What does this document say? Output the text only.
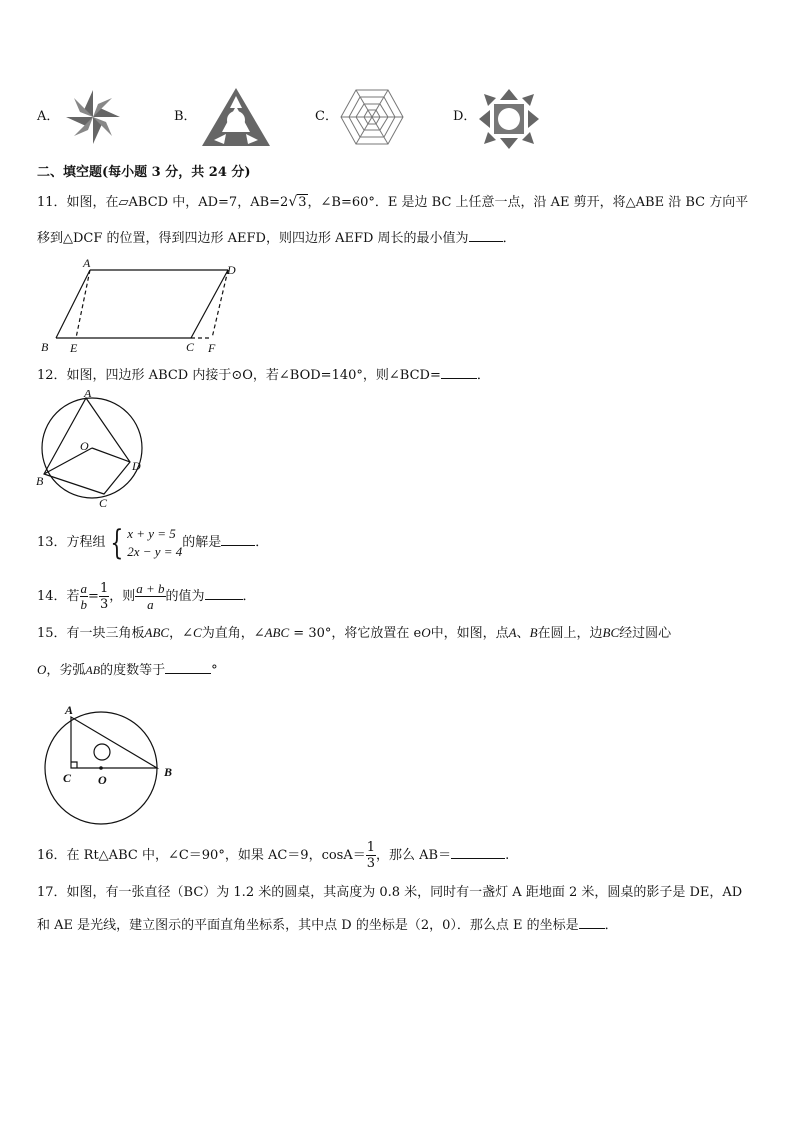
A．	B．	C．	D．
二、填空题(每小题 3 分，共 24 分)
11．如图，在▱ABCD 中，AD=7，AB=2√3，∠B=60°．E 是边 BC 上任意一点，沿 AE 剪开，将△ABE 沿 BC 方向平
移到△DCF 的位置，得到四边形 AEFD，则四边形 AEFD 周长的最小值为	．
A	D
B E	C F
12．如图，四边形 ABCD 内接于⊙O，若∠BOD=140°，则∠BCD=	．
A
O
D
B
C
13．方程组 { x + y = 5
2x − y = 4
的解是	．
14．若 $\frac{a}{b} = \frac{1}{3}$ ，则 $\frac{a + b}{a}$ 的值为	．
15．有一块三角板ABC，∠C为直角，∠ABC = 30°，将它放置在 eO中，如图，点A、B在圆上，边BC经过圆心
O，劣弧AB的度数等于	°
A
C O
B
16．在 Rt△ABC 中，∠C＝90°，如果 AC＝9，$\cos A= \frac{1}{3}$ ，那么 AB＝	.
17．如图，有一张直径（BC）为 1.2 米的圆桌，其高度为 0.8 米，同时有一盏灯 A 距地面 2 米，圆桌的影子是 DE，AD
和 AE 是光线，建立图示的平面直角坐标系，其中点 D 的坐标是（2，0）．那么点 E 的坐标是 ．
